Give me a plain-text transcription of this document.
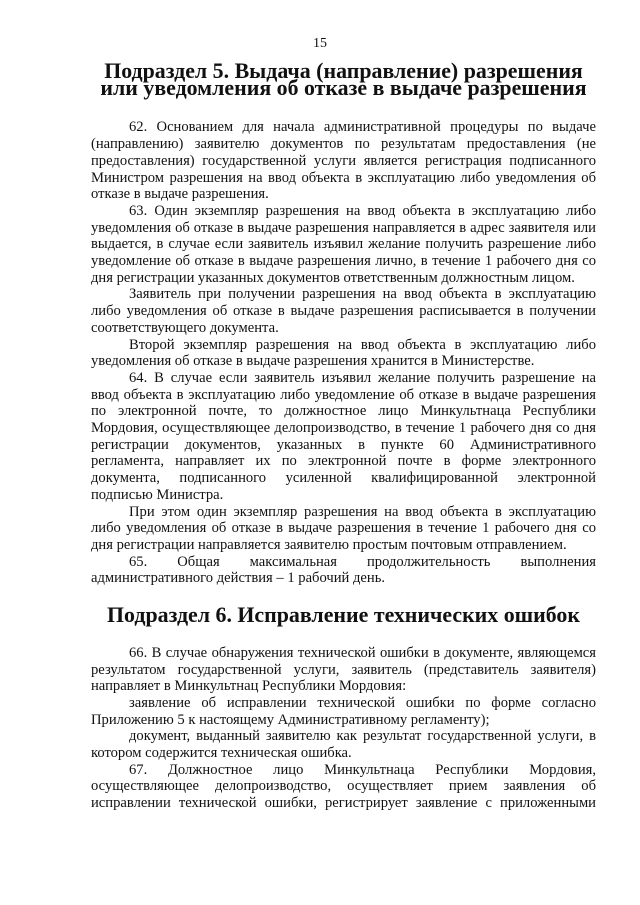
15
Подраздел 5. Выдача (направление) разрешения или уведомления об отказе в выдаче разрешения

62. Основанием для начала административной процедуры по выдаче (направлению) заявителю документов по результатам предоставления (не предоставления) государственной услуги является регистрация подписанного Министром разрешения на ввод объекта в эксплуатацию либо уведомления об отказе в выдаче разрешения.

63. Один экземпляр разрешения на ввод объекта в эксплуатацию либо уведомления об отказе в выдаче разрешения направляется в адрес заявителя или выдается, в случае если заявитель изъявил желание получить разрешение либо уведомление об отказе в выдаче разрешения лично, в течение 1 рабочего дня со дня регистрации указанных документов ответственным должностным лицом.

Заявитель при получении разрешения на ввод объекта в эксплуатацию либо уведомления об отказе в выдаче разрешения расписывается в получении соответствующего документа.

Второй экземпляр разрешения на ввод объекта в эксплуатацию либо уведомления об отказе в выдаче разрешения хранится в Министерстве.

64. В случае если заявитель изъявил желание получить разрешение на ввод объекта в эксплуатацию либо уведомление об отказе в выдаче разрешения по электронной почте, то должностное лицо Минкультнаца Республики Мордовия, осуществляющее делопроизводство, в течение 1 рабочего дня со дня регистрации документов, указанных в пункте 60 Административного регламента, направляет их по электронной почте в форме электронного документа, подписанного усиленной квалифицированной электронной подписью Министра.

При этом один экземпляр разрешения на ввод объекта в эксплуатацию либо уведомления об отказе в выдаче разрешения в течение 1 рабочего дня со дня регистрации направляется заявителю простым почтовым отправлением.

65. Общая максимальная продолжительность выполнения административного действия – 1 рабочий день.

Подраздел 6. Исправление технических ошибок

66. В случае обнаружения технической ошибки в документе, являющемся результатом государственной услуги, заявитель (представитель заявителя) направляет в Минкультнац Республики Мордовия:

заявление об исправлении технической ошибки по форме согласно Приложению 5 к настоящему Административному регламенту);

документ, выданный заявителю как результат государственной услуги, в котором содержится техническая ошибка.

67. Должностное лицо Минкультнаца Республики Мордовия, осуществляющее делопроизводство, осуществляет прием заявления об исправлении технической ошибки, регистрирует заявление с приложенными
